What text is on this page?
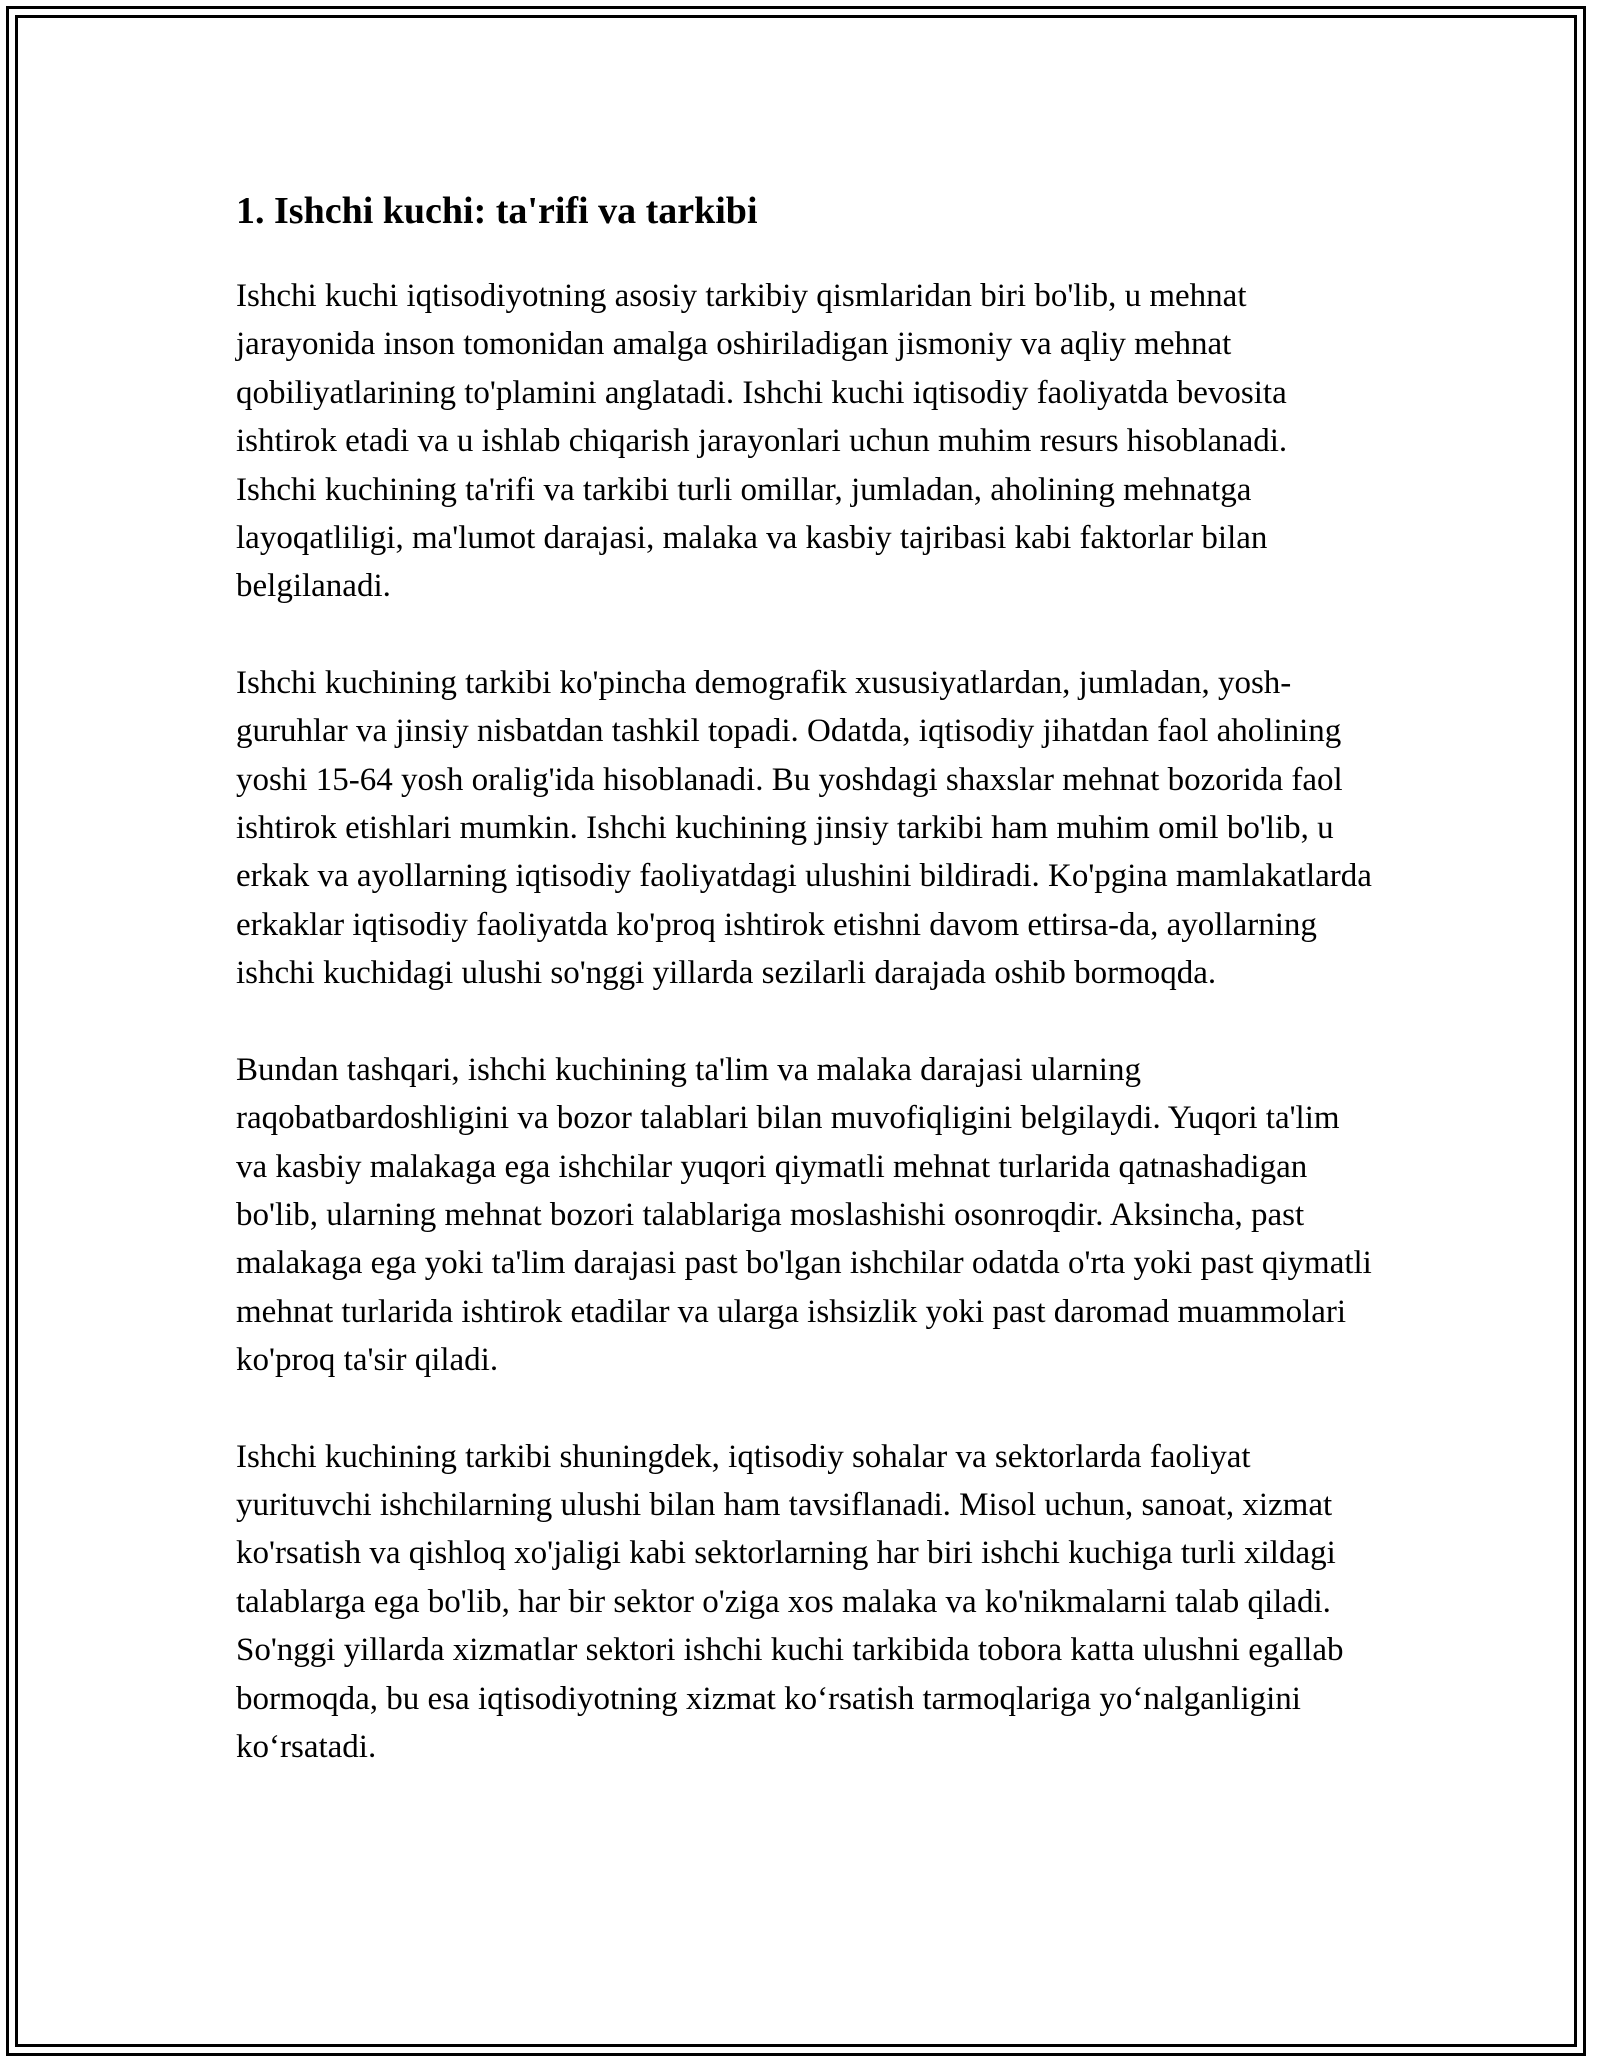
1. Ishchi kuchi: ta'rifi va tarkibi

Ishchi kuchi iqtisodiyotning asosiy tarkibiy qismlaridan biri bo'lib, u mehnat jarayonida inson tomonidan amalga oshiriladigan jismoniy va aqliy mehnat qobiliyatlarining to'plamini anglatadi. Ishchi kuchi iqtisodiy faoliyatda bevosita ishtirok etadi va u ishlab chiqarish jarayonlari uchun muhim resurs hisoblanadi. Ishchi kuchining ta'rifi va tarkibi turli omillar, jumladan, aholining mehnatga layoqatliligi, ma'lumot darajasi, malaka va kasbiy tajribasi kabi faktorlar bilan belgilanadi.

Ishchi kuchining tarkibi ko'pincha demografik xususiyatlardan, jumladan, yosh-guruhlar va jinsiy nisbatdan tashkil topadi. Odatda, iqtisodiy jihatdan faol aholining yoshi 15-64 yosh oralig'ida hisoblanadi. Bu yoshdagi shaxslar mehnat bozorida faol ishtirok etishlari mumkin. Ishchi kuchining jinsiy tarkibi ham muhim omil bo'lib, u erkak va ayollarning iqtisodiy faoliyatdagi ulushini bildiradi. Ko'pgina mamlakatlarda erkaklar iqtisodiy faoliyatda ko'proq ishtirok etishni davom ettirsa-da, ayollarning ishchi kuchidagi ulushi so'nggi yillarda sezilarli darajada oshib bormoqda.

Bundan tashqari, ishchi kuchining ta'lim va malaka darajasi ularning raqobatbardoshligini va bozor talablari bilan muvofiqligini belgilaydi. Yuqori ta'lim va kasbiy malakaga ega ishchilar yuqori qiymatli mehnat turlarida qatnashadigan bo'lib, ularning mehnat bozori talablariga moslashishi osonroqdir. Aksincha, past malakaga ega yoki ta'lim darajasi past bo'lgan ishchilar odatda o'rta yoki past qiymatli mehnat turlarida ishtirok etadilar va ularga ishsizlik yoki past daromad muammolari ko'proq ta'sir qiladi.

Ishchi kuchining tarkibi shuningdek, iqtisodiy sohalar va sektorlarda faoliyat yurituvchi ishchilarning ulushi bilan ham tavsiflanadi. Misol uchun, sanoat, xizmat ko'rsatish va qishloq xo'jaligi kabi sektorlarning har biri ishchi kuchiga turli xildagi talablarga ega bo'lib, har bir sektor o'ziga xos malaka va ko'nikmalarni talab qiladi. So'nggi yillarda xizmatlar sektori ishchi kuchi tarkibida tobora katta ulushni egallab bormoqda, bu esa iqtisodiyotning xizmat ko‘rsatish tarmoqlariga yo‘nalganligini ko‘rsatadi.
